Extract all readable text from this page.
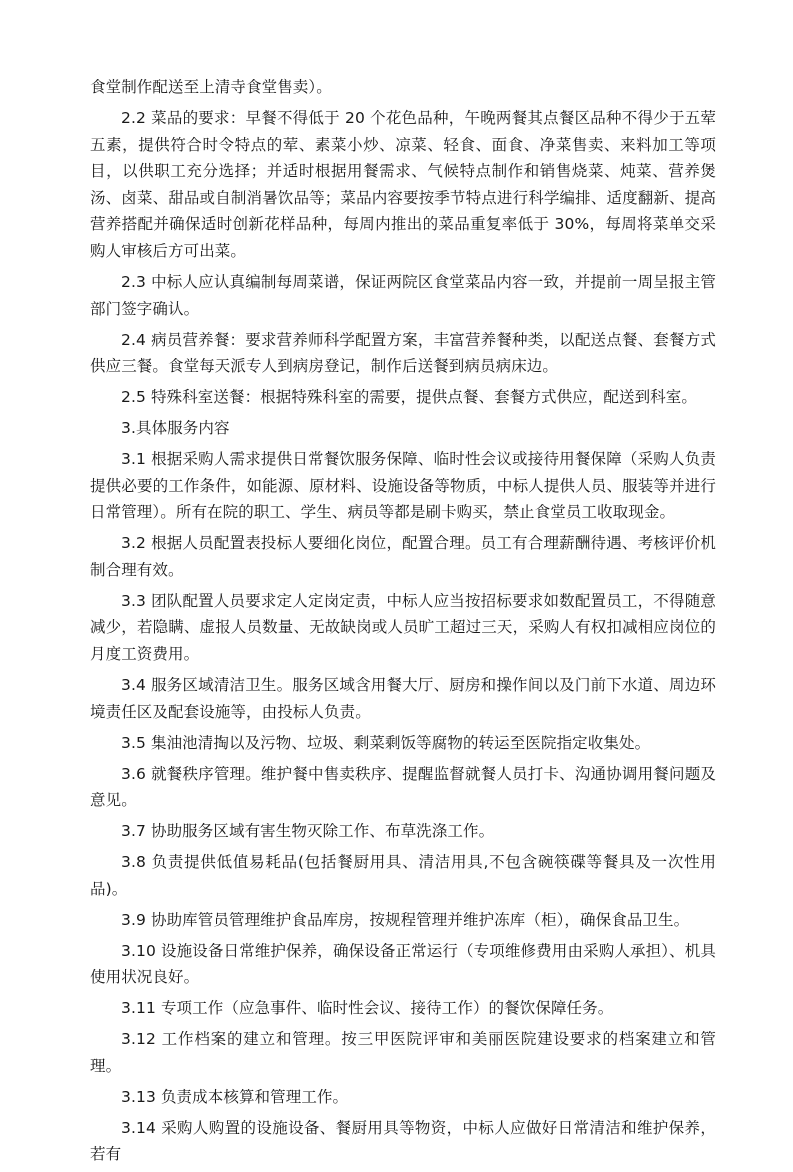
食堂制作配送至上清寺食堂售卖）。

2.2 菜品的要求：早餐不得低于 20 个花色品种，午晚两餐其点餐区品种不得少于五荤五素，提供符合时令特点的荤、素菜小炒、凉菜、轻食、面食、净菜售卖、来料加工等项目，以供职工充分选择；并适时根据用餐需求、气候特点制作和销售烧菜、炖菜、营养煲汤、卤菜、甜品或自制消暑饮品等；菜品内容要按季节特点进行科学编排、适度翻新、提高营养搭配并确保适时创新花样品种，每周内推出的菜品重复率低于 30%，每周将菜单交采购人审核后方可出菜。

2.3 中标人应认真编制每周菜谱，保证两院区食堂菜品内容一致，并提前一周呈报主管部门签字确认。

2.4 病员营养餐：要求营养师科学配置方案，丰富营养餐种类，以配送点餐、套餐方式供应三餐。食堂每天派专人到病房登记，制作后送餐到病员病床边。

2.5 特殊科室送餐：根据特殊科室的需要，提供点餐、套餐方式供应，配送到科室。

3.具体服务内容

3.1 根据采购人需求提供日常餐饮服务保障、临时性会议或接待用餐保障（采购人负责提供必要的工作条件，如能源、原材料、设施设备等物质，中标人提供人员、服装等并进行日常管理）。所有在院的职工、学生、病员等都是刷卡购买，禁止食堂员工收取现金。

3.2 根据人员配置表投标人要细化岗位，配置合理。员工有合理薪酬待遇、考核评价机制合理有效。

3.3 团队配置人员要求定人定岗定责，中标人应当按招标要求如数配置员工，不得随意减少，若隐瞒、虚报人员数量、无故缺岗或人员旷工超过三天，采购人有权扣减相应岗位的月度工资费用。

3.4 服务区域清洁卫生。服务区域含用餐大厅、厨房和操作间以及门前下水道、周边环境责任区及配套设施等，由投标人负责。

3.5 集油池清掏以及污物、垃圾、剩菜剩饭等腐物的转运至医院指定收集处。

3.6 就餐秩序管理。维护餐中售卖秩序、提醒监督就餐人员打卡、沟通协调用餐问题及意见。

3.7 协助服务区域有害生物灭除工作、布草洗涤工作。

3.8 负责提供低值易耗品(包括餐厨用具、清洁用具,不包含碗筷碟等餐具及一次性用品)。

3.9 协助库管员管理维护食品库房，按规程管理并维护冻库（柜），确保食品卫生。

3.10 设施设备日常维护保养，确保设备正常运行（专项维修费用由采购人承担）、机具使用状况良好。

3.11 专项工作（应急事件、临时性会议、接待工作）的餐饮保障任务。

3.12 工作档案的建立和管理。按三甲医院评审和美丽医院建设要求的档案建立和管理。

3.13 负责成本核算和管理工作。

3.14 采购人购置的设施设备、餐厨用具等物资，中标人应做好日常清洁和维护保养，若有
